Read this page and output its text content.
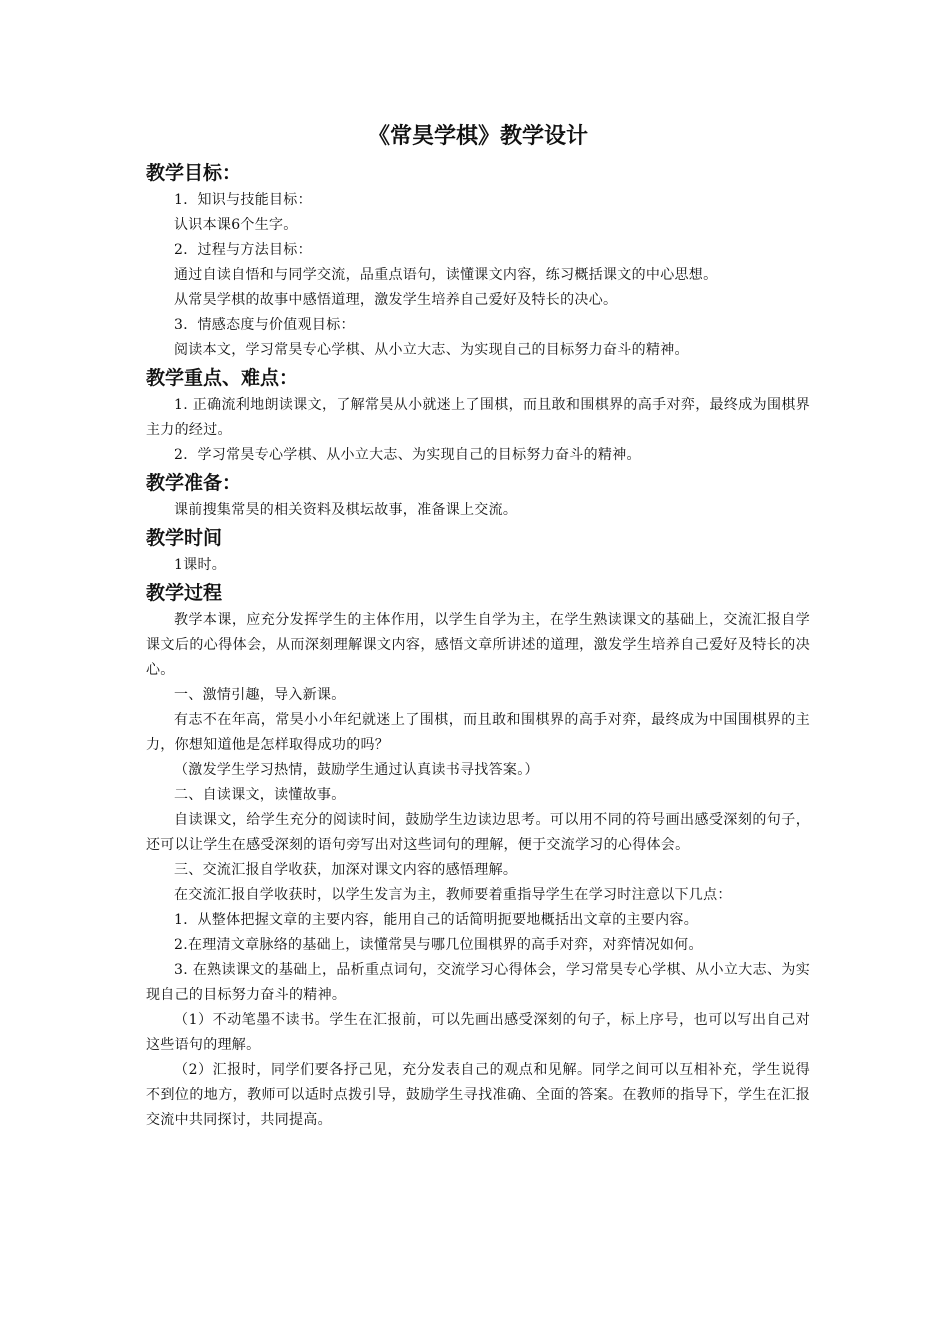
《常昊学棋》教学设计
教学目标：

1．知识与技能目标：

认识本课6个生字。

2．过程与方法目标：

通过自读自悟和与同学交流，品重点语句，读懂课文内容，练习概括课文的中心思想。

从常昊学棋的故事中感悟道理，激发学生培养自己爱好及特长的决心。

3．情感态度与价值观目标：

阅读本文，学习常昊专心学棋、从小立大志、为实现自己的目标努力奋斗的精神。

教学重点、难点：

1. 正确流利地朗读课文，了解常昊从小就迷上了围棋，而且敢和围棋界的高手对弈，最终成为围棋界主力的经过。

2．学习常昊专心学棋、从小立大志、为实现自己的目标努力奋斗的精神。

教学准备：

课前搜集常昊的相关资料及棋坛故事，准备课上交流。

教学时间

1课时。

教学过程

教学本课，应充分发挥学生的主体作用，以学生自学为主，在学生熟读课文的基础上，交流汇报自学课文后的心得体会，从而深刻理解课文内容，感悟文章所讲述的道理，激发学生培养自己爱好及特长的决心。

一、激情引趣，导入新课。

有志不在年高，常昊小小年纪就迷上了围棋，而且敢和围棋界的高手对弈，最终成为中国围棋界的主力，你想知道他是怎样取得成功的吗？

（激发学生学习热情，鼓励学生通过认真读书寻找答案。）

二、自读课文，读懂故事。

自读课文，给学生充分的阅读时间，鼓励学生边读边思考。可以用不同的符号画出感受深刻的句子，还可以让学生在感受深刻的语句旁写出对这些词句的理解，便于交流学习的心得体会。

三、交流汇报自学收获，加深对课文内容的感悟理解。

在交流汇报自学收获时，以学生发言为主，教师要着重指导学生在学习时注意以下几点：

1．从整体把握文章的主要内容，能用自己的话简明扼要地概括出文章的主要内容。

2.在理清文章脉络的基础上，读懂常昊与哪几位围棋界的高手对弈，对弈情况如何。

3. 在熟读课文的基础上，品析重点词句，交流学习心得体会，学习常昊专心学棋、从小立大志、为实现自己的目标努力奋斗的精神。

（1）不动笔墨不读书。学生在汇报前，可以先画出感受深刻的句子，标上序号，也可以写出自己对这些语句的理解。

（2）汇报时，同学们要各抒己见，充分发表自己的观点和见解。同学之间可以互相补充，学生说得不到位的地方，教师可以适时点拨引导，鼓励学生寻找准确、全面的答案。在教师的指导下，学生在汇报交流中共同探讨，共同提高。
